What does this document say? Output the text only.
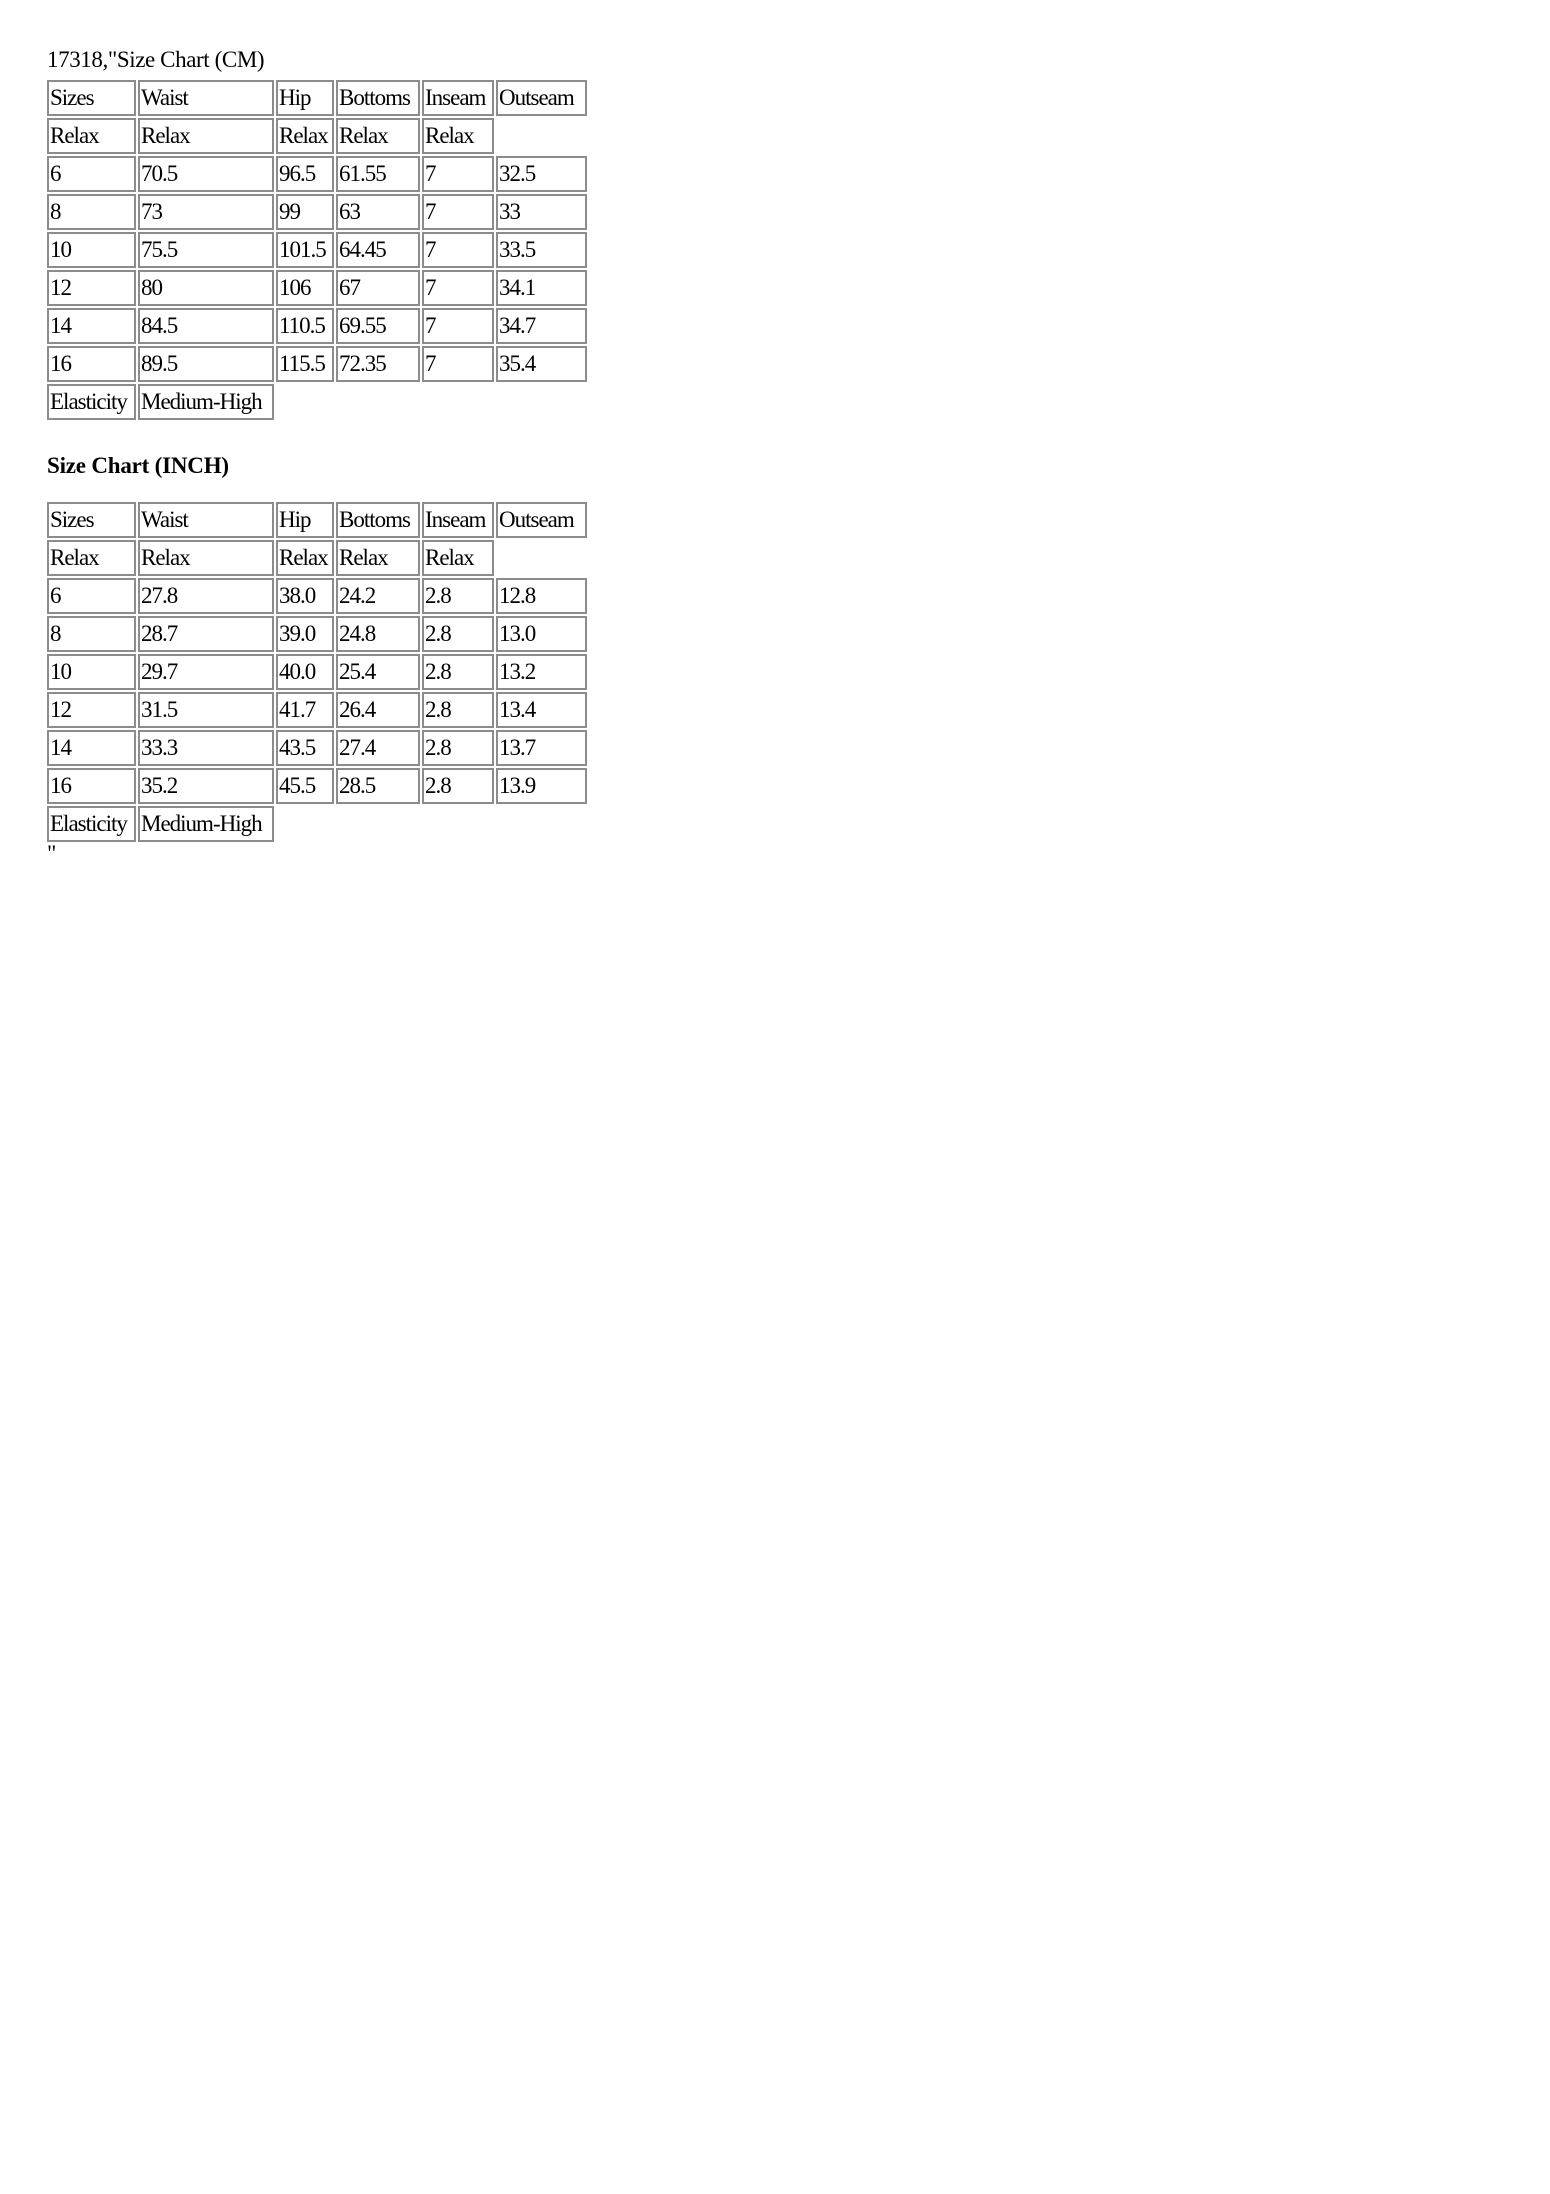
17318,"Size Chart (CM)
Sizes	Waist	Hip	Bottoms	Inseam	Outseam
Relax	Relax	Relax	Relax	Relax	
6	70.5	96.5	61.55	7	32.5
8	73	99	63	7	33
10	75.5	101.5	64.45	7	33.5
12	80	106	67	7	34.1
14	84.5	110.5	69.55	7	34.7
16	89.5	115.5	72.35	7	35.4
Elasticity	Medium-High				
Size Chart (INCH)
Sizes	Waist	Hip	Bottoms	Inseam	Outseam
Relax	Relax	Relax	Relax	Relax	
6	27.8	38.0	24.2	2.8	12.8
8	28.7	39.0	24.8	2.8	13.0
10	29.7	40.0	25.4	2.8	13.2
12	31.5	41.7	26.4	2.8	13.4
14	33.3	43.5	27.4	2.8	13.7
16	35.2	45.5	28.5	2.8	13.9
Elasticity	Medium-High				
"
